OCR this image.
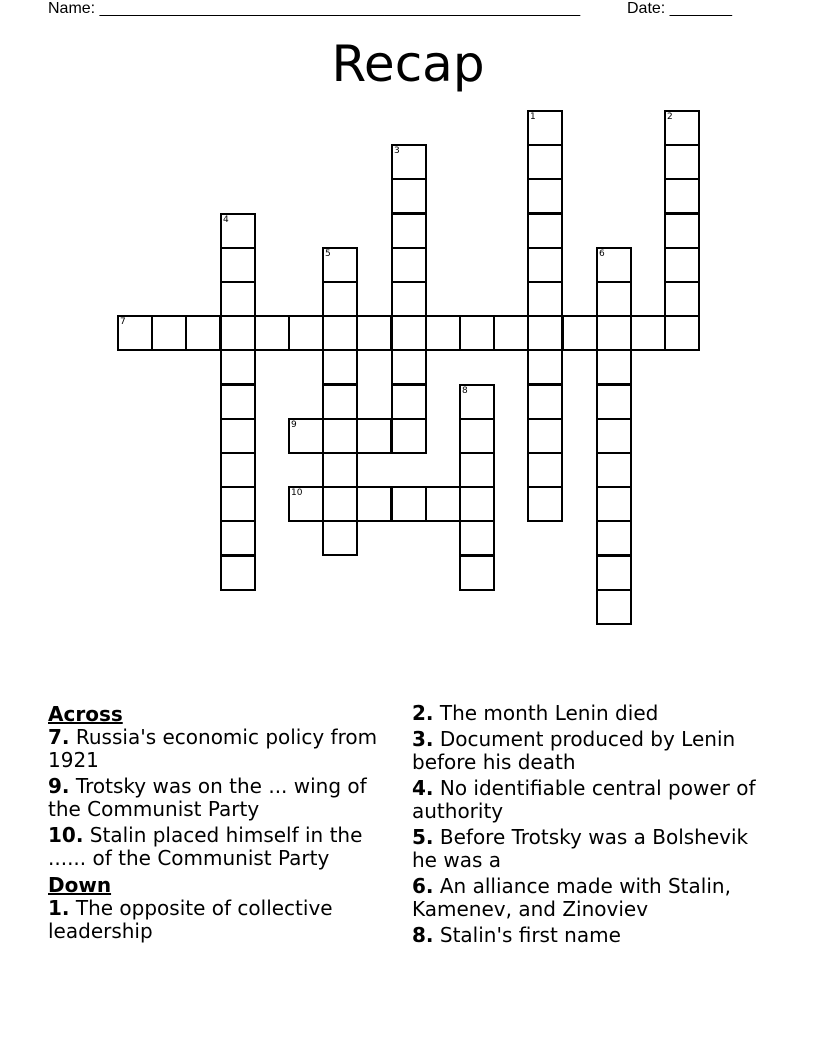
Name: ______________________________________________________	Date: _______
Recap
1	2
3
4
5	6
7
8
9
10

Across

7. Russia's economic policy from 1921

9. Trotsky was on the ... wing of the Communist Party

10. Stalin placed himself in the ...... of the Communist Party

Down

1. The opposite of collective leadership

2. The month Lenin died

3. Document produced by Lenin before his death

4. No identifiable central power of authority

5. Before Trotsky was a Bolshevik he was a

6. An alliance made with Stalin, Kamenev, and Zinoviev

8. Stalin's first name
